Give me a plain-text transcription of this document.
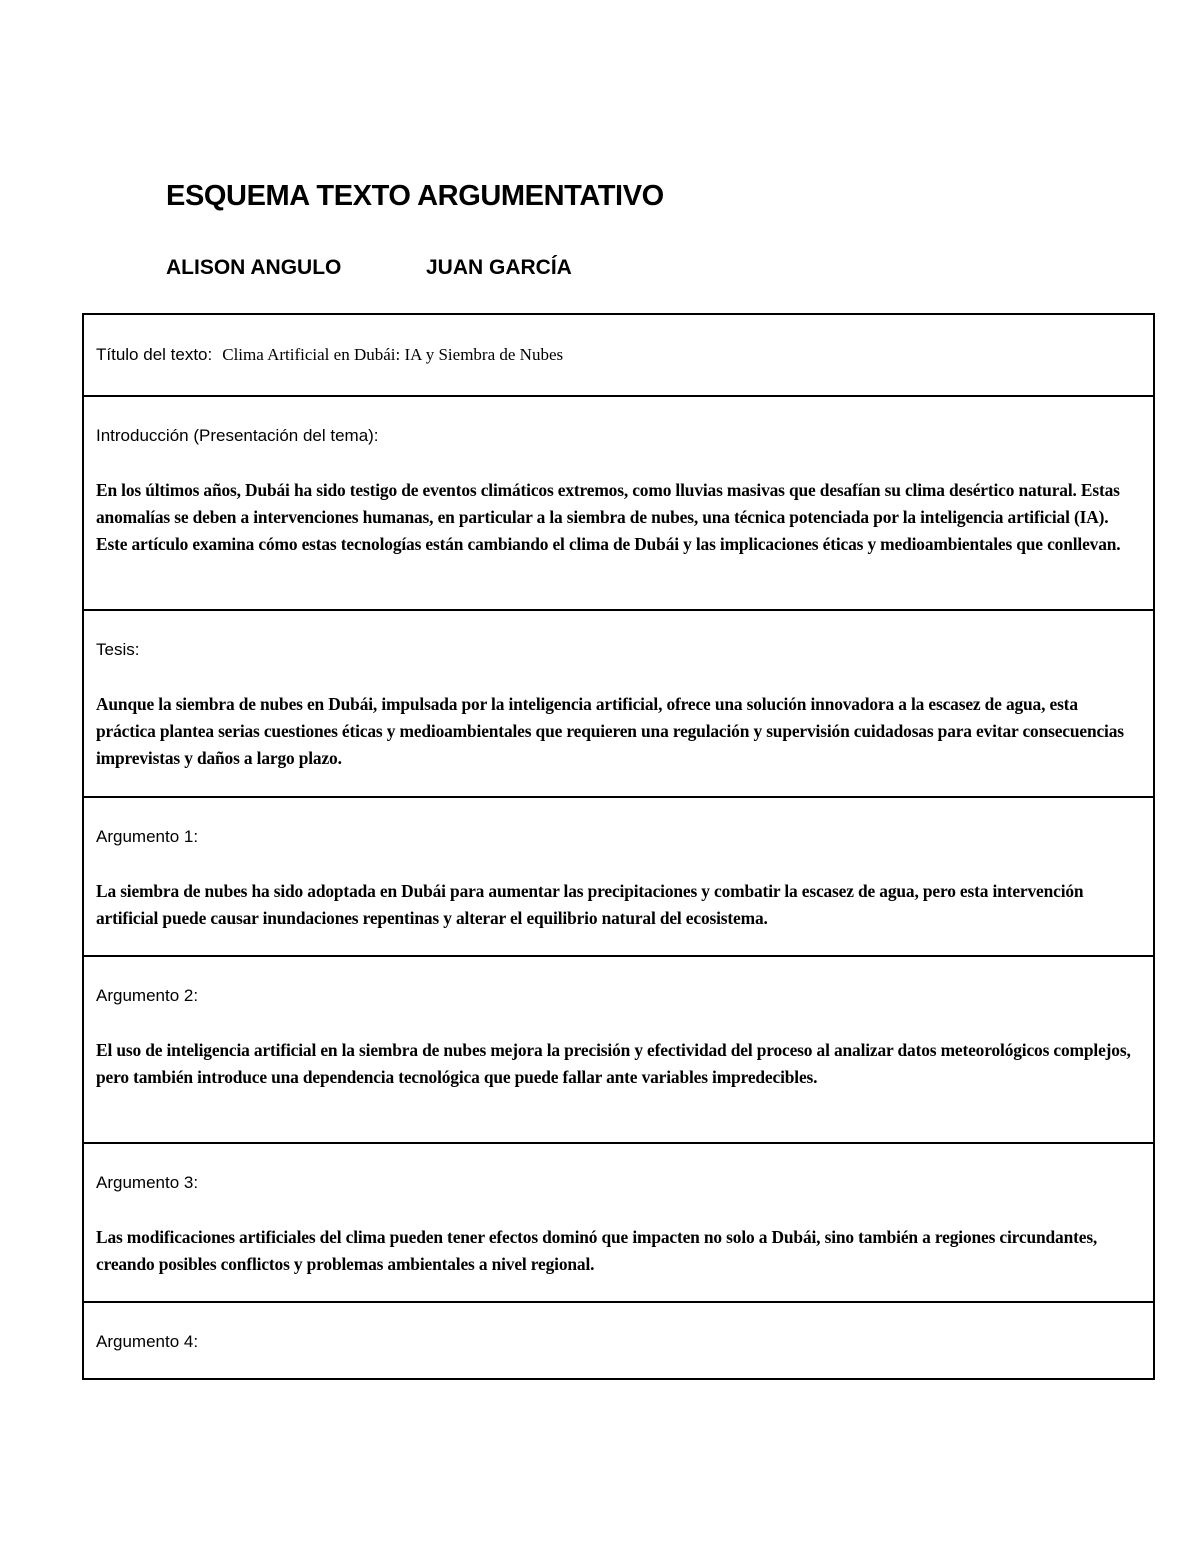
ESQUEMA TEXTO ARGUMENTATIVO
ALISON ANGULO	JUAN GARCÍA
Título del texto: Clima Artificial en Dubái: IA y Siembra de Nubes
Introducción (Presentación del tema):
En los últimos años, Dubái ha sido testigo de eventos climáticos extremos, como lluvias masivas que desafían su clima desértico natural. Estas anomalías se deben a intervenciones humanas, en particular a la siembra de nubes, una técnica potenciada por la inteligencia artificial (IA). Este artículo examina cómo estas tecnologías están cambiando el clima de Dubái y las implicaciones éticas y medioambientales que conllevan.
Tesis:
Aunque la siembra de nubes en Dubái, impulsada por la inteligencia artificial, ofrece una solución innovadora a la escasez de agua, esta práctica plantea serias cuestiones éticas y medioambientales que requieren una regulación y supervisión cuidadosas para evitar consecuencias imprevistas y daños a largo plazo.
Argumento 1:
La siembra de nubes ha sido adoptada en Dubái para aumentar las precipitaciones y combatir la escasez de agua, pero esta intervención artificial puede causar inundaciones repentinas y alterar el equilibrio natural del ecosistema.
Argumento 2:
El uso de inteligencia artificial en la siembra de nubes mejora la precisión y efectividad del proceso al analizar datos meteorológicos complejos, pero también introduce una dependencia tecnológica que puede fallar ante variables impredecibles.
Argumento 3:
Las modificaciones artificiales del clima pueden tener efectos dominó que impacten no solo a Dubái, sino también a regiones circundantes, creando posibles conflictos y problemas ambientales a nivel regional.
Argumento 4:
